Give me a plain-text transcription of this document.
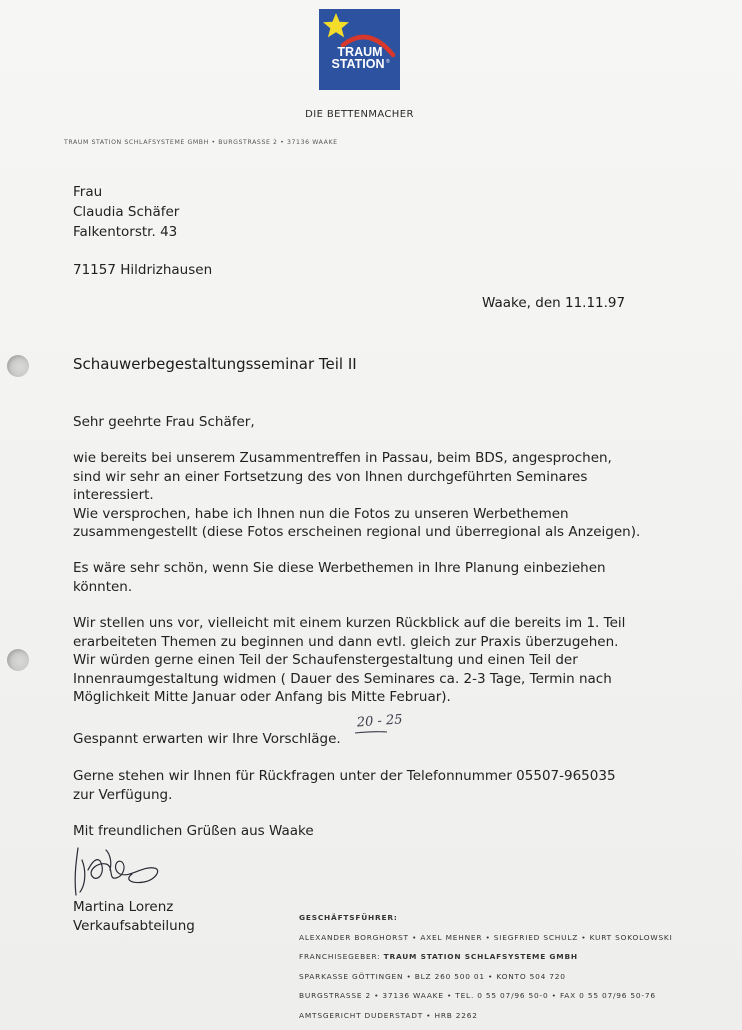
TRAUM
STATION ®
DIE BETTENMACHER
TRAUM STATION SCHLAFSYSTEME GMBH • BURGSTRASSE 2 • 37136 WAAKE
Frau
Claudia Schäfer
Falkentorstr. 43
71157 Hildrizhausen
Waake, den 11.11.97
Schauwerbegestaltungsseminar Teil II
Sehr geehrte Frau Schäfer,
wie bereits bei unserem Zusammentreffen in Passau, beim BDS, angesprochen,
sind wir sehr an einer Fortsetzung des von Ihnen durchgeführten Seminares
interessiert.
Wie versprochen, habe ich Ihnen nun die Fotos zu unseren Werbethemen
zusammengestellt (diese Fotos erscheinen regional und überregional als Anzeigen).
Es wäre sehr schön, wenn Sie diese Werbethemen in Ihre Planung einbeziehen
könnten.
Wir stellen uns vor, vielleicht mit einem kurzen Rückblick auf die bereits im 1. Teil
erarbeiteten Themen zu beginnen und dann evtl. gleich zur Praxis überzugehen.
Wir würden gerne einen Teil der Schaufenstergestaltung und einen Teil der
Innenraumgestaltung widmen ( Dauer des Seminares ca. 2-3 Tage, Termin nach
Möglichkeit Mitte Januar oder Anfang bis Mitte Februar).
20 - 25
Gespannt erwarten wir Ihre Vorschläge.
Gerne stehen wir Ihnen für Rückfragen unter der Telefonnummer 05507-965035
zur Verfügung.
Mit freundlichen Grüßen aus Waake
Martina Lorenz
Verkaufsabteilung
GESCHÄFTSFÜHRER:
ALEXANDER BORGHORST • AXEL MEHNER • SIEGFRIED SCHULZ • KURT SOKOLOWSKI
FRANCHISEGEBER: TRAUM STATION SCHLAFSYSTEME GMBH
SPARKASSE GÖTTINGEN • BLZ 260 500 01 • KONTO 504 720
BURGSTRASSE 2 • 37136 WAAKE • TEL. 0 55 07/96 50-0 • FAX 0 55 07/96 50-76
AMTSGERICHT DUDERSTADT • HRB 2262
